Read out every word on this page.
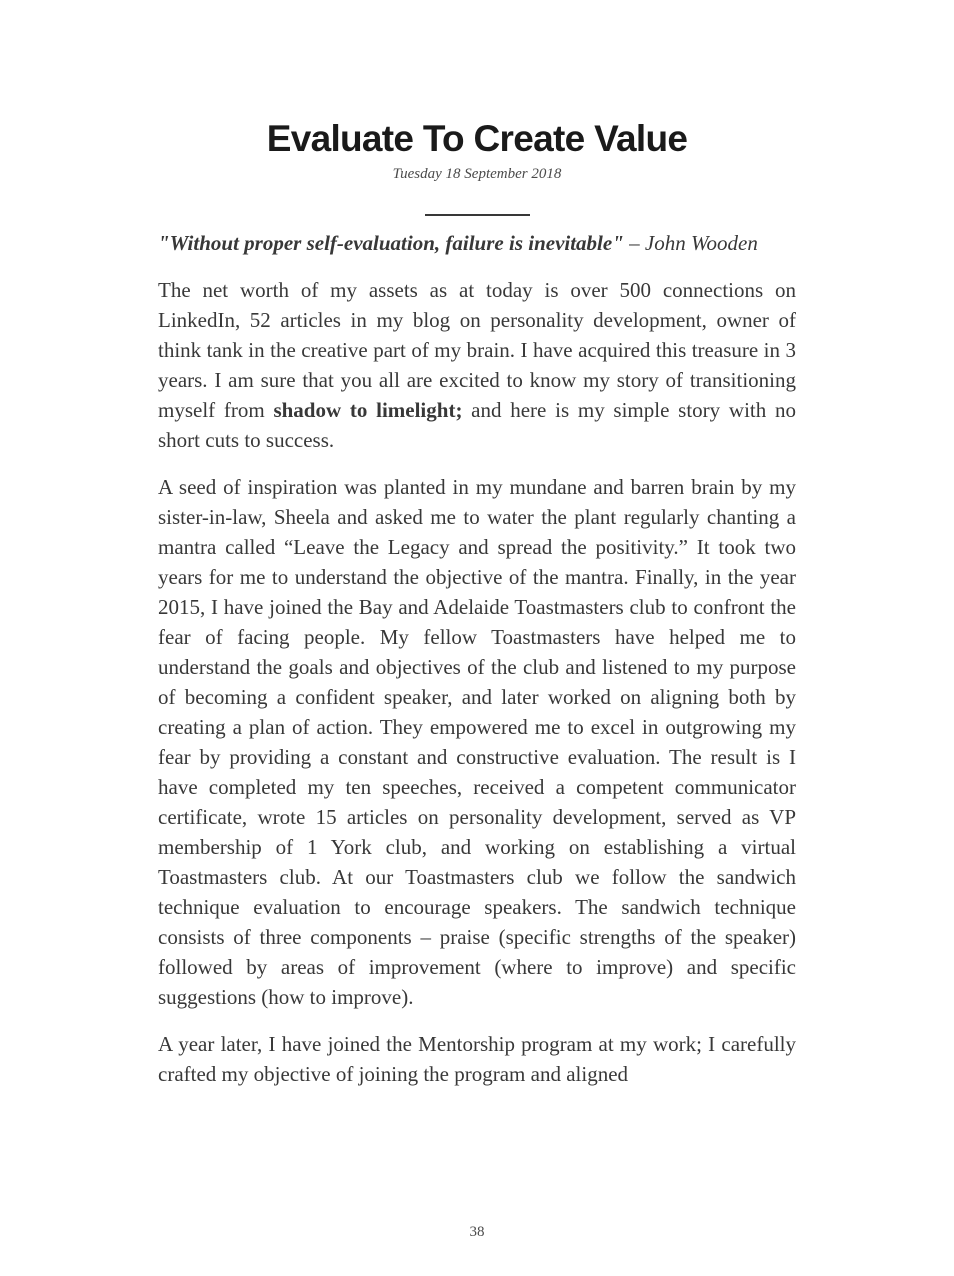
Evaluate To Create Value
Tuesday 18 September 2018

"Without proper self-evaluation, failure is inevitable" – John Wooden

The net worth of my assets as at today is over 500 connections on LinkedIn, 52 articles in my blog on personality development, owner of think tank in the creative part of my brain. I have acquired this treasure in 3 years. I am sure that you all are excited to know my story of transitioning myself from shadow to limelight; and here is my simple story with no short cuts to success.

A seed of inspiration was planted in my mundane and barren brain by my sister-in-law, Sheela and asked me to water the plant regularly chanting a mantra called “Leave the Legacy and spread the positivity.” It took two years for me to understand the objective of the mantra. Finally, in the year 2015, I have joined the Bay and Adelaide Toastmasters club to confront the fear of facing people. My fellow Toastmasters have helped me to understand the goals and objectives of the club and listened to my purpose of becoming a confident speaker, and later worked on aligning both by creating a plan of action. They empowered me to excel in outgrowing my fear by providing a constant and constructive evaluation. The result is I have completed my ten speeches, received a competent communicator certificate, wrote 15 articles on personality development, served as VP membership of 1 York club, and working on establishing a virtual Toastmasters club. At our Toastmasters club we follow the sandwich technique evaluation to encourage speakers. The sandwich technique consists of three components – praise (specific strengths of the speaker) followed by areas of improvement (where to improve) and specific suggestions (how to improve).

A year later, I have joined the Mentorship program at my work; I carefully crafted my objective of joining the program and aligned

38
